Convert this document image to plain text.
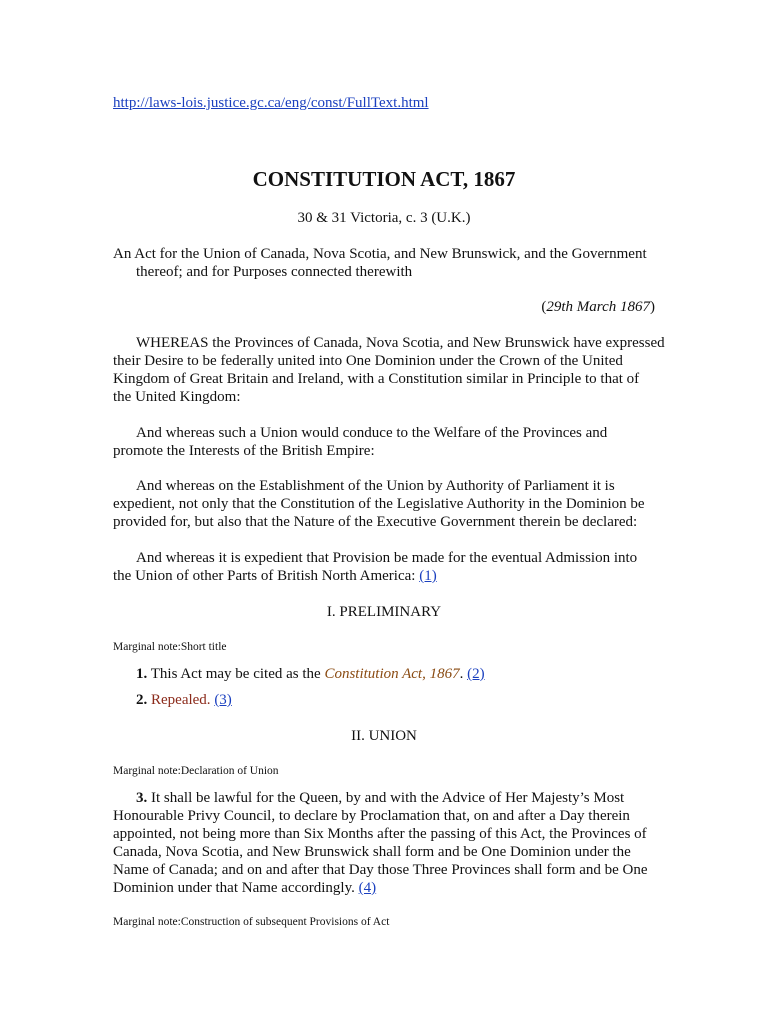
http://laws-lois.justice.gc.ca/eng/const/FullText.html
CONSTITUTION ACT, 1867
30 & 31 Victoria, c. 3 (U.K.)
An Act for the Union of Canada, Nova Scotia, and New Brunswick, and the Government
thereof; and for Purposes connected therewith
(29th March 1867)
WHEREAS the Provinces of Canada, Nova Scotia, and New Brunswick have expressed
their Desire to be federally united into One Dominion under the Crown of the United
Kingdom of Great Britain and Ireland, with a Constitution similar in Principle to that of
the United Kingdom:
And whereas such a Union would conduce to the Welfare of the Provinces and
promote the Interests of the British Empire:
And whereas on the Establishment of the Union by Authority of Parliament it is
expedient, not only that the Constitution of the Legislative Authority in the Dominion be
provided for, but also that the Nature of the Executive Government therein be declared:
And whereas it is expedient that Provision be made for the eventual Admission into
the Union of other Parts of British North America: (1)
I. PRELIMINARY
Marginal note:Short title
1. This Act may be cited as the Constitution Act, 1867. (2)
2. Repealed. (3)
II. UNION
Marginal note:Declaration of Union
3. It shall be lawful for the Queen, by and with the Advice of Her Majesty’s Most
Honourable Privy Council, to declare by Proclamation that, on and after a Day therein
appointed, not being more than Six Months after the passing of this Act, the Provinces of
Canada, Nova Scotia, and New Brunswick shall form and be One Dominion under the
Name of Canada; and on and after that Day those Three Provinces shall form and be One
Dominion under that Name accordingly. (4)
Marginal note:Construction of subsequent Provisions of Act
